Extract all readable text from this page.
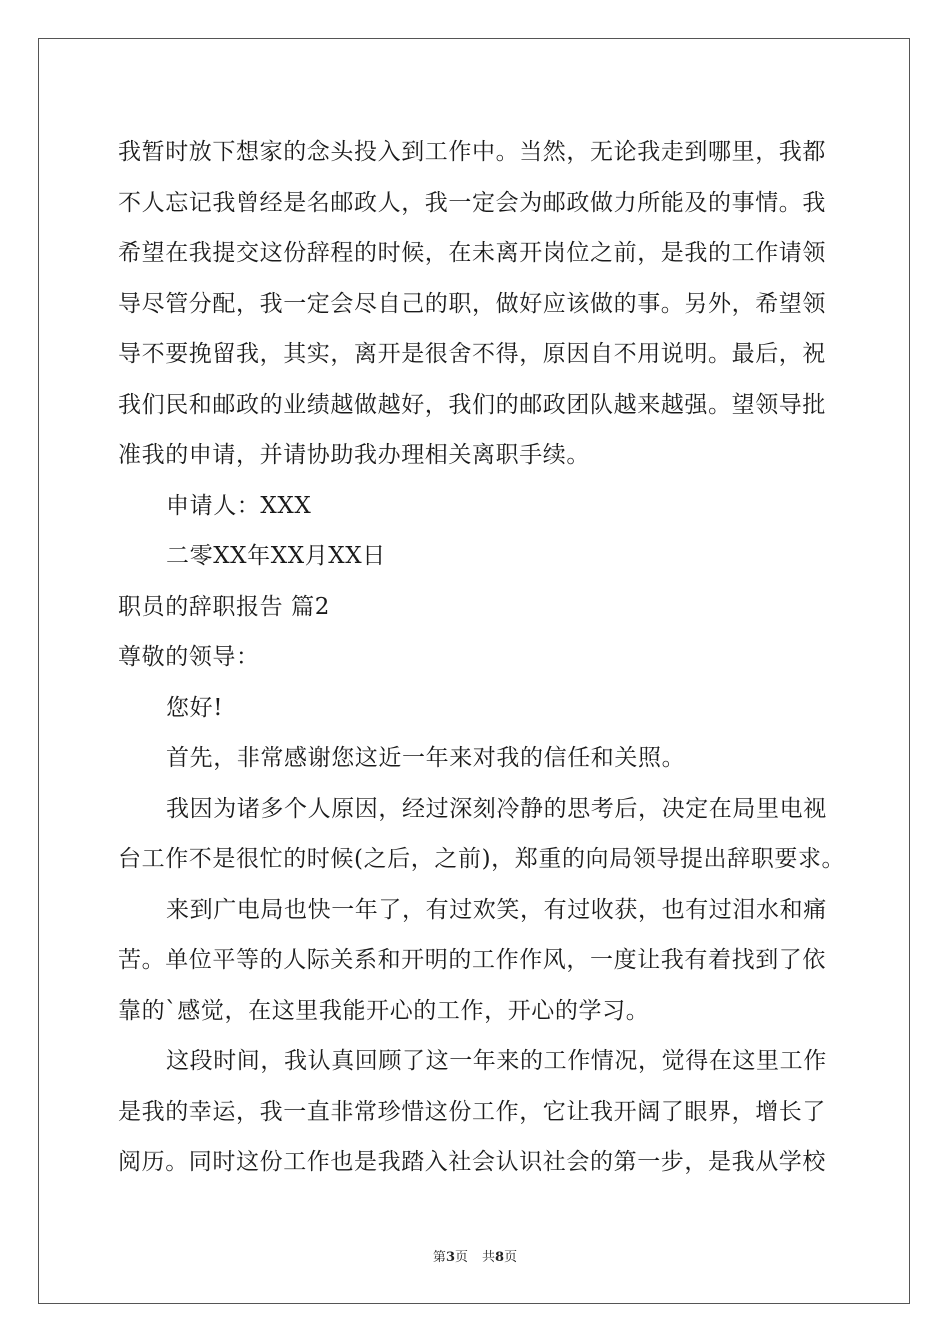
我暂时放下想家的念头投入到工作中。当然，无论我走到哪里，我都
不人忘记我曾经是名邮政人，我一定会为邮政做力所能及的事情。我
希望在我提交这份辞程的时候，在未离开岗位之前，是我的工作请领
导尽管分配，我一定会尽自己的职，做好应该做的事。另外，希望领
导不要挽留我，其实，离开是很舍不得，原因自不用说明。最后，祝
我们民和邮政的业绩越做越好，我们的邮政团队越来越强。望领导批
准我的申请，并请协助我办理相关离职手续。
申请人：XXX
二零XX年XX月XX日
职员的辞职报告 篇2
尊敬的领导：
您好!
首先，非常感谢您这近一年来对我的信任和关照。
我因为诸多个人原因，经过深刻冷静的思考后，决定在局里电视
台工作不是很忙的时候(之后，之前)，郑重的向局领导提出辞职要求。
来到广电局也快一年了，有过欢笑，有过收获，也有过泪水和痛
苦。单位平等的人际关系和开明的工作作风，一度让我有着找到了依
靠的`感觉，在这里我能开心的工作，开心的学习。
这段时间，我认真回顾了这一年来的工作情况，觉得在这里工作
是我的幸运，我一直非常珍惜这份工作，它让我开阔了眼界，增长了
阅历。同时这份工作也是我踏入社会认识社会的第一步，是我从学校
第3页 共8页
